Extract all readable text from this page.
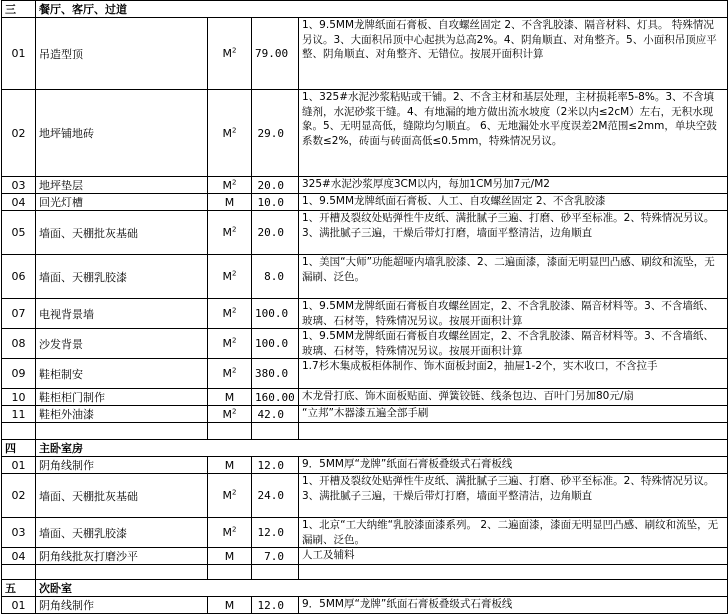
三	餐厅、客厅、过道			
01	吊造型顶	$M^2$	79.00	1、9.5MM龙牌纸面石膏板、自攻螺丝固定 2、不含乳胶漆、隔音材料、灯具。 特殊情况另议。3、大面积吊顶中心起拱为总高2%。4、阴角顺直、对角整齐。5、小面积吊顶应平整、阴角顺直、对角整齐、无错位。按展开面积计算
02	地坪铺地砖	$M^2$	29.0	1、325#水泥沙浆粘贴或干铺。2、不含主材和基层处理，主材损耗率5-8%。3、不含填缝剂，水泥砂浆干缝。4、有地漏的地方做出流水坡度（2米以内≤2cM）左右，无积水现象。5、无明显高低，缝隙均匀顺直。 6、无地漏处水平度误差2M范围≤2mm，单块空鼓系数≤2%，砖面与砖面高低≤0.5mm，特殊情况另议。
03	地坪垫层	$M^2$	20.0	325#水泥沙浆厚度3CM以内，每加1CM另加7元/M2
04	回光灯槽	M	10.0	1、9.5MM龙牌纸面石膏板、人工、自攻螺丝固定 2、不含乳胶漆
05	墙面、天棚批灰基础	$M^2$	20.0	1、开槽及裂纹处贴弹性牛皮纸、满批腻子三遍、打磨、砂平至标准。2、特殊情况另议。3、满批腻子三遍，干燥后带灯打磨，墙面平整清洁，边角顺直
06	墙面、天棚乳胶漆	$M^2$	8.0	1、美国“大师”功能超哑内墙乳胶漆、2、二遍面漆，漆面无明显凹凸感、刷纹和流坠，无漏刷、泛色。
07	电视背景墙	$M^2$	100.0	1、9.5MM龙牌纸面石膏板自攻螺丝固定，2、不含乳胶漆、隔音材料等。3、不含墙纸、玻璃、石材等，特殊情况另议。按展开面积计算
08	沙发背景	$M^2$	100.0	1、9.5MM龙牌纸面石膏板自攻螺丝固定，2、不含乳胶漆、隔音材料等。3、不含墙纸、玻璃、石材等，特殊情况另议。按展开面积计算
09	鞋柜制安	$M^2$	380.0	1.7杉木集成板柜体制作、饰木面板封面2，抽屉1-2个，实木收口，不含拉手
10	鞋柜柜门制作	M	160.00	木龙骨打底、饰木面板贴面、弹簧铰链、线条包边、百叶门另加80元/扇
11	鞋柜外油漆	$M^2$	42.0	“立邦”木器漆五遍全部手刷

四	主卧室房			
01	阴角线制作	M	12.0	9．5MM厚“龙牌”纸面石膏板叠级式石膏板线
02	墙面、天棚批灰基础	$M^2$	24.0	1、开槽及裂纹处贴弹性牛皮纸、满批腻子三遍、打磨、砂平至标准。2、特殊情况另议。3、满批腻子三遍，干燥后带灯打磨，墙面平整清洁，边角顺直
03	墙面、天棚乳胶漆	$M^2$	12.0	1、北京“工大纳维“乳胶漆面漆系列。 2、二遍面漆，漆面无明显凹凸感、刷纹和流坠，无漏刷、泛色。
04	阴角线批灰打磨沙平	M	7.0	人工及辅料

五	次卧室			
01	阴角线制作	M	12.0	9．5MM厚“龙牌”纸面石膏板叠级式石膏板线
